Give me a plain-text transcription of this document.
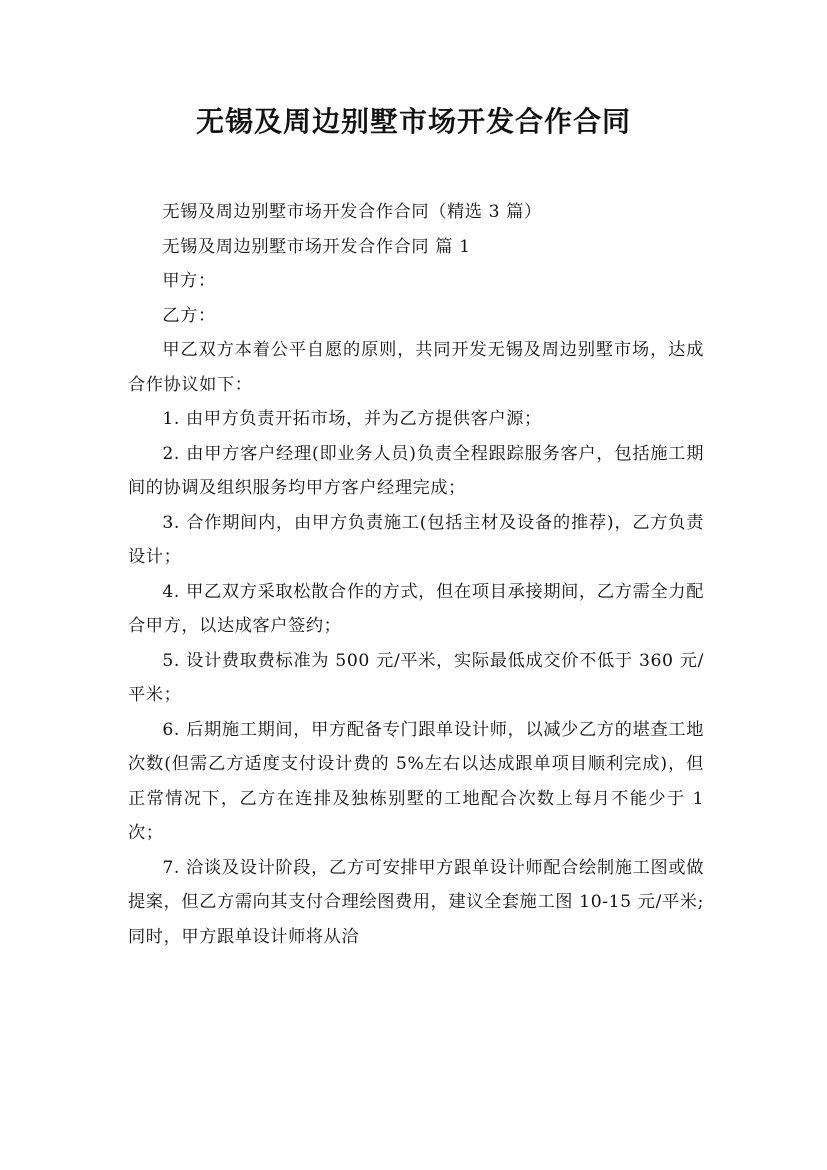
无锡及周边别墅市场开发合作合同

无锡及周边别墅市场开发合作合同（精选 3 篇）

无锡及周边别墅市场开发合作合同 篇 1

甲方：

乙方：

甲乙双方本着公平自愿的原则，共同开发无锡及周边别墅市场，达成合作协议如下：

1. 由甲方负责开拓市场，并为乙方提供客户源；

2. 由甲方客户经理(即业务人员)负责全程跟踪服务客户，包括施工期间的协调及组织服务均甲方客户经理完成；

3. 合作期间内，由甲方负责施工(包括主材及设备的推荐)，乙方负责设计；

4. 甲乙双方采取松散合作的方式，但在项目承接期间，乙方需全力配合甲方，以达成客户签约；

5. 设计费取费标准为 500 元/平米，实际最低成交价不低于 360 元/平米；

6. 后期施工期间，甲方配备专门跟单设计师，以减少乙方的堪查工地次数(但需乙方适度支付设计费的 5%左右以达成跟单项目顺利完成)，但正常情况下，乙方在连排及独栋别墅的工地配合次数上每月不能少于 1 次；

7. 洽谈及设计阶段，乙方可安排甲方跟单设计师配合绘制施工图或做提案，但乙方需向其支付合理绘图费用，建议全套施工图 10-15 元/平米;同时，甲方跟单设计师将从洽
